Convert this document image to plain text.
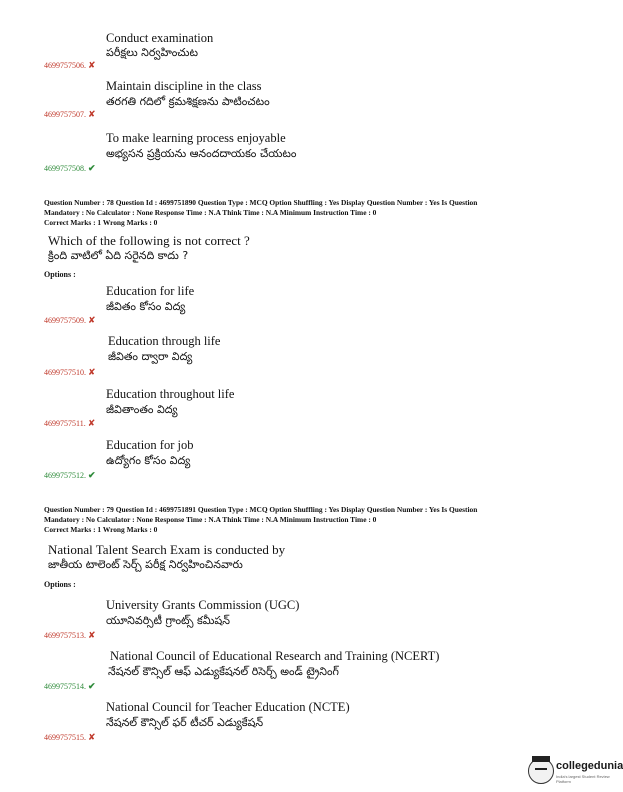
Conduct examination
పరీక్షలు నిర్వహించుట
4699757506. ✘
Maintain discipline in the class
తరగతి గదిలో క్రమశిక్షణను పాటించటం
4699757507. ✘
To make learning process enjoyable
అభ్యసన ప్రక్రియను ఆనందదాయకం చేయటం
4699757508. ✔
Question Number : 78 Question Id : 4699751890 Question Type : MCQ Option Shuffling : Yes Display Question Number : Yes Is Question
Mandatory : No Calculator : None Response Time : N.A Think Time : N.A Minimum Instruction Time : 0
Correct Marks : 1 Wrong Marks : 0
Which of the following is not correct ?
క్రింది వాటిలో ఏది సరైనది కాదు ?
Options :
Education for life
జీవితం కోసం విద్య
4699757509. ✘
Education through life
జీవితం ద్వారా విద్య
4699757510. ✘
Education throughout life
జీవితాంతం విద్య
4699757511. ✘
Education for job
ఉద్యోగం కోసం విద్య
4699757512. ✔
Question Number : 79 Question Id : 4699751891 Question Type : MCQ Option Shuffling : Yes Display Question Number : Yes Is Question
Mandatory : No Calculator : None Response Time : N.A Think Time : N.A Minimum Instruction Time : 0
Correct Marks : 1 Wrong Marks : 0
National Talent Search Exam is conducted by
జాతీయ టాలెంట్ సెర్చ్ పరీక్ష నిర్వహించినవారు
Options :
University Grants Commission (UGC)
యూనివర్సిటీ గ్రాంట్స్ కమీషన్
4699757513. ✘
National Council of Educational Research and Training (NCERT)
నేషనల్ కౌన్సిల్ ఆఫ్ ఎడ్యుకేషనల్ రిసెర్చ్ అండ్ ట్రైనింగ్
4699757514. ✔
National Council for Teacher Education (NCTE)
నేషనల్ కౌన్సిల్ ఫర్ టీచర్ ఎడ్యుకేషన్
4699757515. ✘
collegedunia
India's largest Student Review Platform
